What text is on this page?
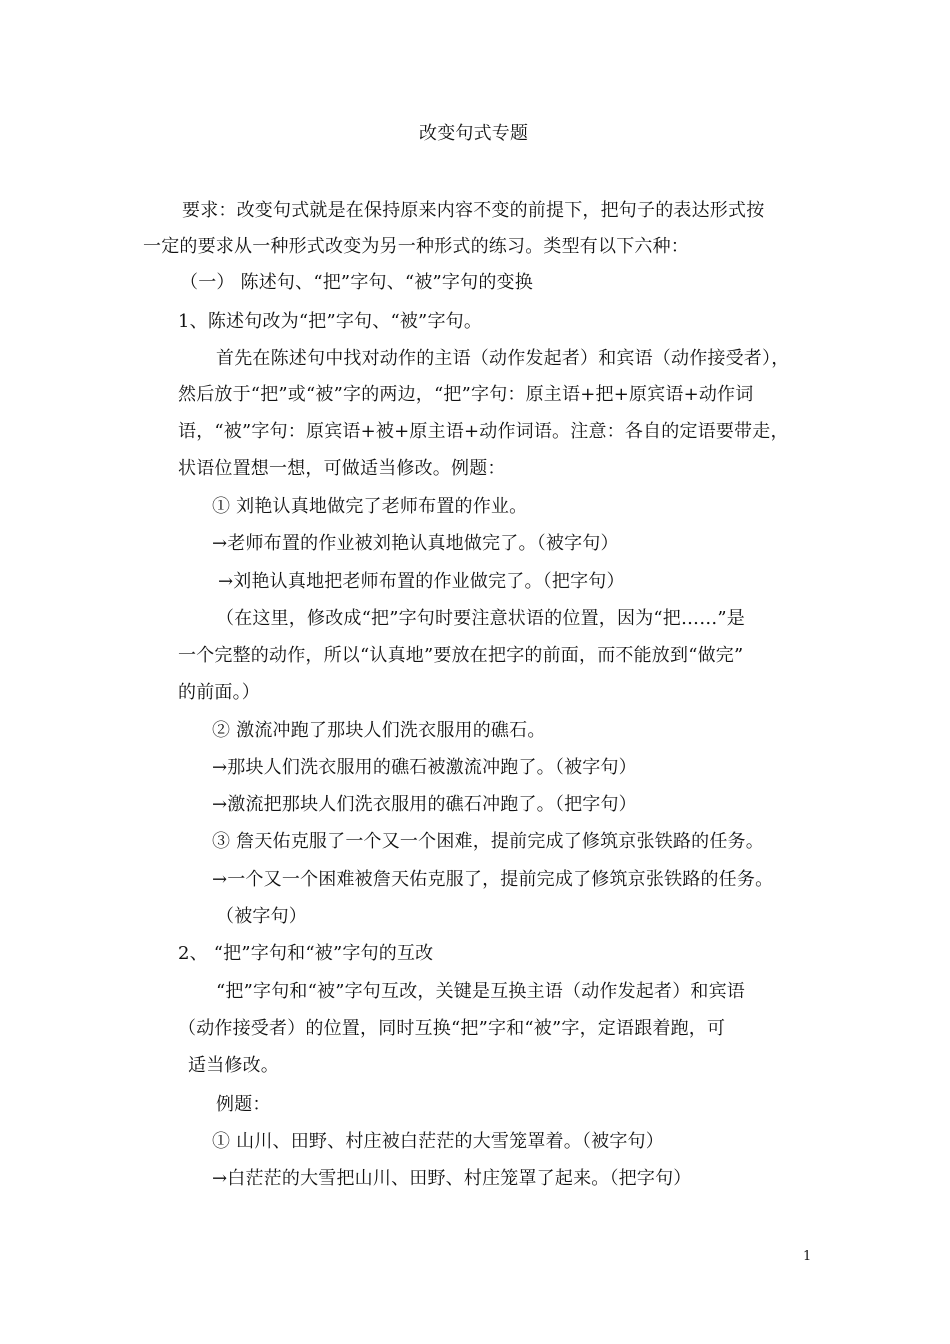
改变句式专题
要求：改变句式就是在保持原来内容不变的前提下，把句子的表达形式按
一定的要求从一种形式改变为另一种形式的练习。类型有以下六种：
（一） 陈述句、“把”字句、“被”字句的变换
1、陈述句改为“把”字句、“被”字句。
首先在陈述句中找对动作的主语（动作发起者）和宾语（动作接受者），
然后放于“把”或“被”字的两边，“把”字句：原主语+把+原宾语+动作词
语，“被”字句：原宾语+被+原主语+动作词语。注意：各自的定语要带走，
状语位置想一想，可做适当修改。例题：
① 刘艳认真地做完了老师布置的作业。
→老师布置的作业被刘艳认真地做完了。（被字句）
→刘艳认真地把老师布置的作业做完了。（把字句）
（在这里，修改成“把”字句时要注意状语的位置，因为“把……”是
一个完整的动作，所以“认真地”要放在把字的前面，而不能放到“做完”
的前面。）
② 激流冲跑了那块人们洗衣服用的礁石。
→那块人们洗衣服用的礁石被激流冲跑了。（被字句）
→激流把那块人们洗衣服用的礁石冲跑了。（把字句）
③ 詹天佑克服了一个又一个困难，提前完成了修筑京张铁路的任务。
→一个又一个困难被詹天佑克服了，提前完成了修筑京张铁路的任务。
（被字句）
2、 “把”字句和“被”字句的互改
“把”字句和“被”字句互改，关键是互换主语（动作发起者）和宾语
（动作接受者）的位置，同时互换“把”字和“被”字，定语跟着跑，可
适当修改。
例题：
① 山川、田野、村庄被白茫茫的大雪笼罩着。（被字句）
→白茫茫的大雪把山川、田野、村庄笼罩了起来。（把字句）
1
